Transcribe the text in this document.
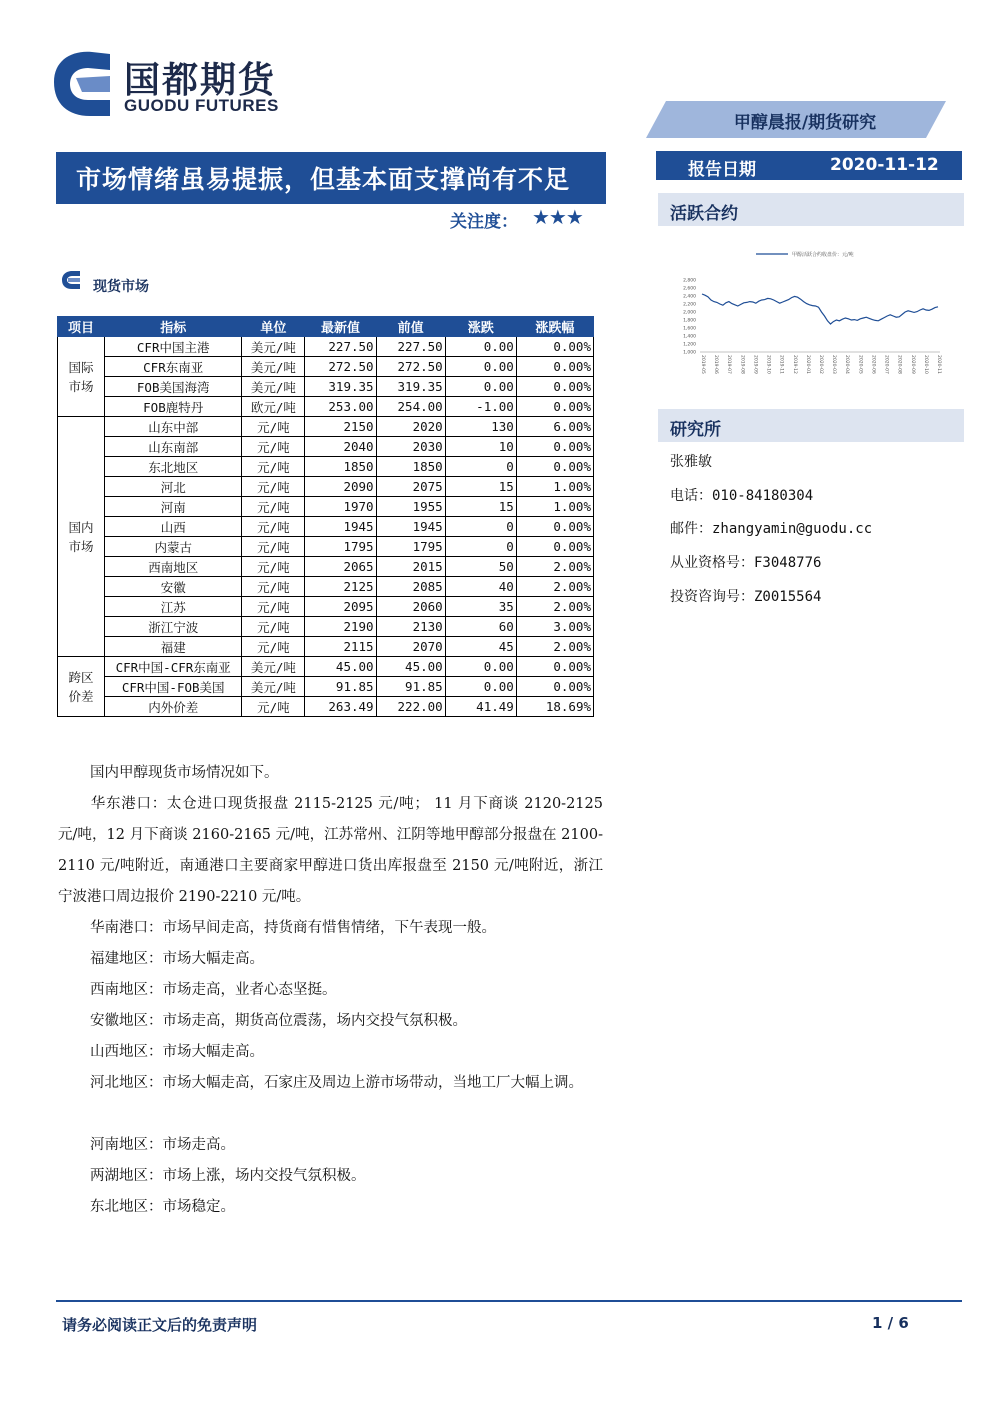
国都期货
GUODU FUTURES
甲醇晨报/期货研究
报告日期	2020-11-12
活跃合约
甲醇活跃合约收盘价：元/吨
2,800
2,600
2,400
2,200
2,000
1,800
1,600
1,400
1,200
1,000
2019-05 2019-06 2019-07 2019-08 2019-09 2019-10 2019-11 2019-12 2020-01 2020-02 2020-03 2020-04 2020-05 2020-06 2020-07 2020-08 2020-09 2020-10 2020-11
研究所
张雅敏
电话：010-84180304
邮件：zhangyamin@guodu.cc
从业资格号：F3048776
投资咨询号：Z0015564
市场情绪虽易提振，但基本面支撑尚有不足
关注度： ★★★
现货市场
项目	指标	单位	最新值	前值	涨跌	涨跌幅
国际
市场	CFR中国主港	美元/吨	227.50	227.50	0.00	0.00%
	CFR东南亚	美元/吨	272.50	272.50	0.00	0.00%
	FOB美国海湾	美元/吨	319.35	319.35	0.00	0.00%
	FOB鹿特丹	欧元/吨	253.00	254.00	-1.00	0.00%
国内
市场	山东中部	元/吨	2150	2020	130	6.00%
	山东南部	元/吨	2040	2030	10	0.00%
	东北地区	元/吨	1850	1850	0	0.00%
	河北	元/吨	2090	2075	15	1.00%
	河南	元/吨	1970	1955	15	1.00%
	山西	元/吨	1945	1945	0	0.00%
	内蒙古	元/吨	1795	1795	0	0.00%
	西南地区	元/吨	2065	2015	50	2.00%
	安徽	元/吨	2125	2085	40	2.00%
	江苏	元/吨	2095	2060	35	2.00%
	浙江宁波	元/吨	2190	2130	60	3.00%
	福建	元/吨	2115	2070	45	2.00%
跨区
价差	CFR中国-CFR东南亚	美元/吨	45.00	45.00	0.00	0.00%
	CFR中国-FOB美国	美元/吨	91.85	91.85	0.00	0.00%
	内外价差	元/吨	263.49	222.00	41.49	18.69%
国内甲醇现货市场情况如下。
华东港口：太仓进口现货报盘 2115-2125 元/吨； 11 月下商谈 2120-2125 元/吨，12 月下商谈 2160-2165 元/吨，江苏常州、江阴等地甲醇部分报盘在 2100-2110 元/吨附近，南通港口主要商家甲醇进口货出库报盘至 2150 元/吨附近，浙江宁波港口周边报价 2190-2210 元/吨。
华南港口：市场早间走高，持货商有惜售情绪，下午表现一般。
福建地区：市场大幅走高。
西南地区：市场走高，业者心态坚挺。
安徽地区：市场走高，期货高位震荡，场内交投气氛积极。
山西地区：市场大幅走高。
河北地区：市场大幅走高，石家庄及周边上游市场带动，当地工厂大幅上调。
河南地区：市场走高。
两湖地区：市场上涨，场内交投气氛积极。
东北地区：市场稳定。
请务必阅读正文后的免责声明	1 / 6
